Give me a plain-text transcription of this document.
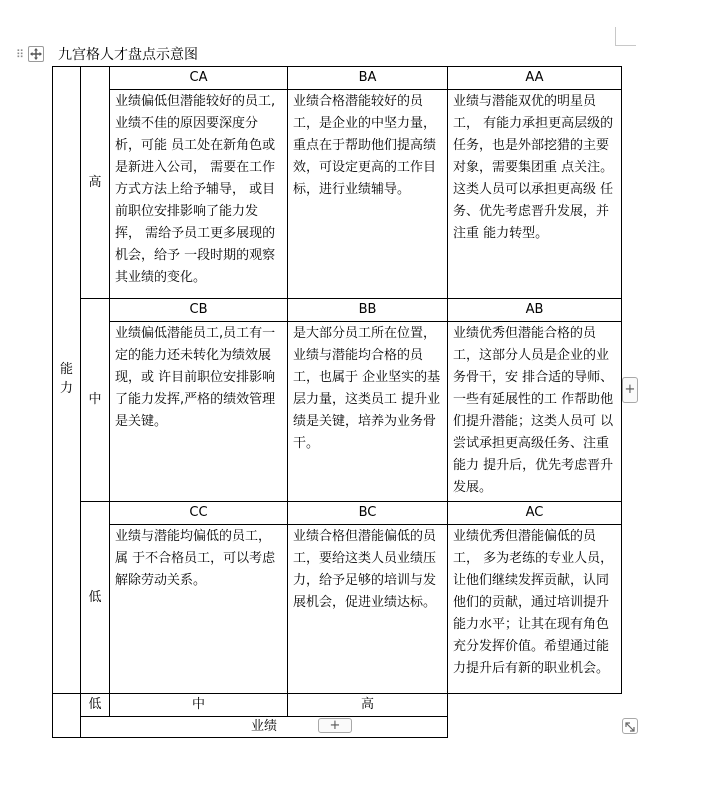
⠿ 九宫格人才盘点示意图
能力	高	CA	BA	AA
		业绩偏低但潜能较好的员工,业绩不佳的原因要深度分析，可能 员工处在新角色或是新进入公司， 需要在工作方式方法上给予辅导， 或目前职位安排影响了能力发挥， 需给予员工更多展现的机会，给予 一段时期的观察其业绩的变化。	业绩合格潜能较好的员工，是企业的中坚力量，重点在于帮助他们提高绩效，可设定更高的工作目标，进行业绩辅导。	业绩与潜能双优的明星员工， 有能力承担更高层级的任务，也是外部挖猎的主要对象，需要集团重 点关注。这类人员可以承担更高级 任务、优先考虑晋升发展，并注重 能力转型。
	中	CB	BB	AB
		业绩偏低潜能员工,员工有一定的能力还未转化为绩效展现，或 许目前职位安排影响了能力发挥,严格的绩效管理是关键。	是大部分员工所在位置，业绩与潜能均合格的员工，也属于 企业坚实的基层力量，这类员工 提升业绩是关键，培养为业务骨干。	业绩优秀但潜能合格的员工，这部分人员是企业的业务骨干，安 排合适的导师、一些有延展性的工 作帮助他们提升潜能；这类人员可 以尝试承担更高级任务、注重能力 提升后，优先考虑晋升发展。
	低	CC	BC	AC
		业绩与潜能均偏低的员工，属 于不合格员工，可以考虑解除劳动关系。	业绩合格但潜能偏低的员工，要给这类人员业绩压力，给予足够的培训与发展机会，促进业绩达标。	业绩优秀但潜能偏低的员工， 多为老练的专业人员，让他们继续发挥贡献，认同他们的贡献，通过培训提升能力水平；让其在现有角色充分发挥价值。希望通过能力提升后有新的职业机会。
	低	中	高	
	业绩			
+
+
